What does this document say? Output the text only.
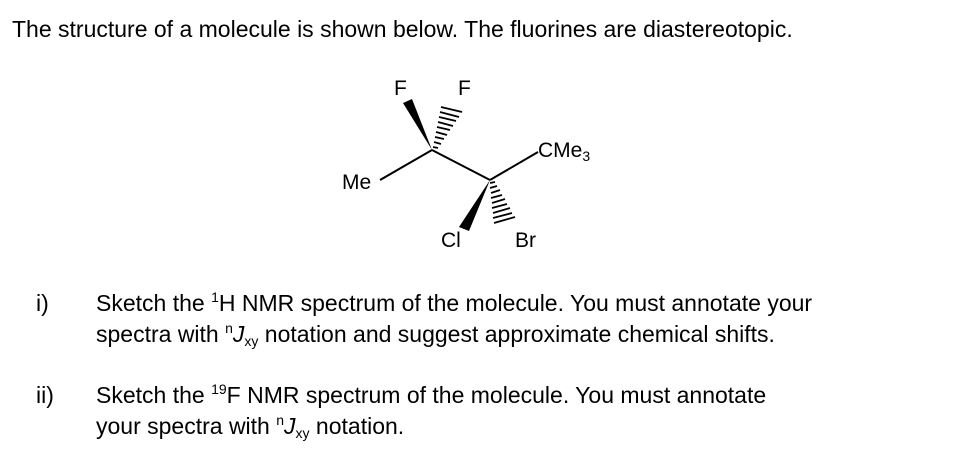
The structure of a molecule is shown below. The fluorines are diastereotopic.
F F
Me
CMe$_3$
Cl	Br
i) Sketch the $^1$H NMR spectrum of the molecule. You must annotate your
spectra with $^nJ_{xy}$ notation and suggest approximate chemical shifts.
ii) Sketch the $^{19}$F NMR spectrum of the molecule. You must annotate
your spectra with $^nJ_{xy}$ notation.
